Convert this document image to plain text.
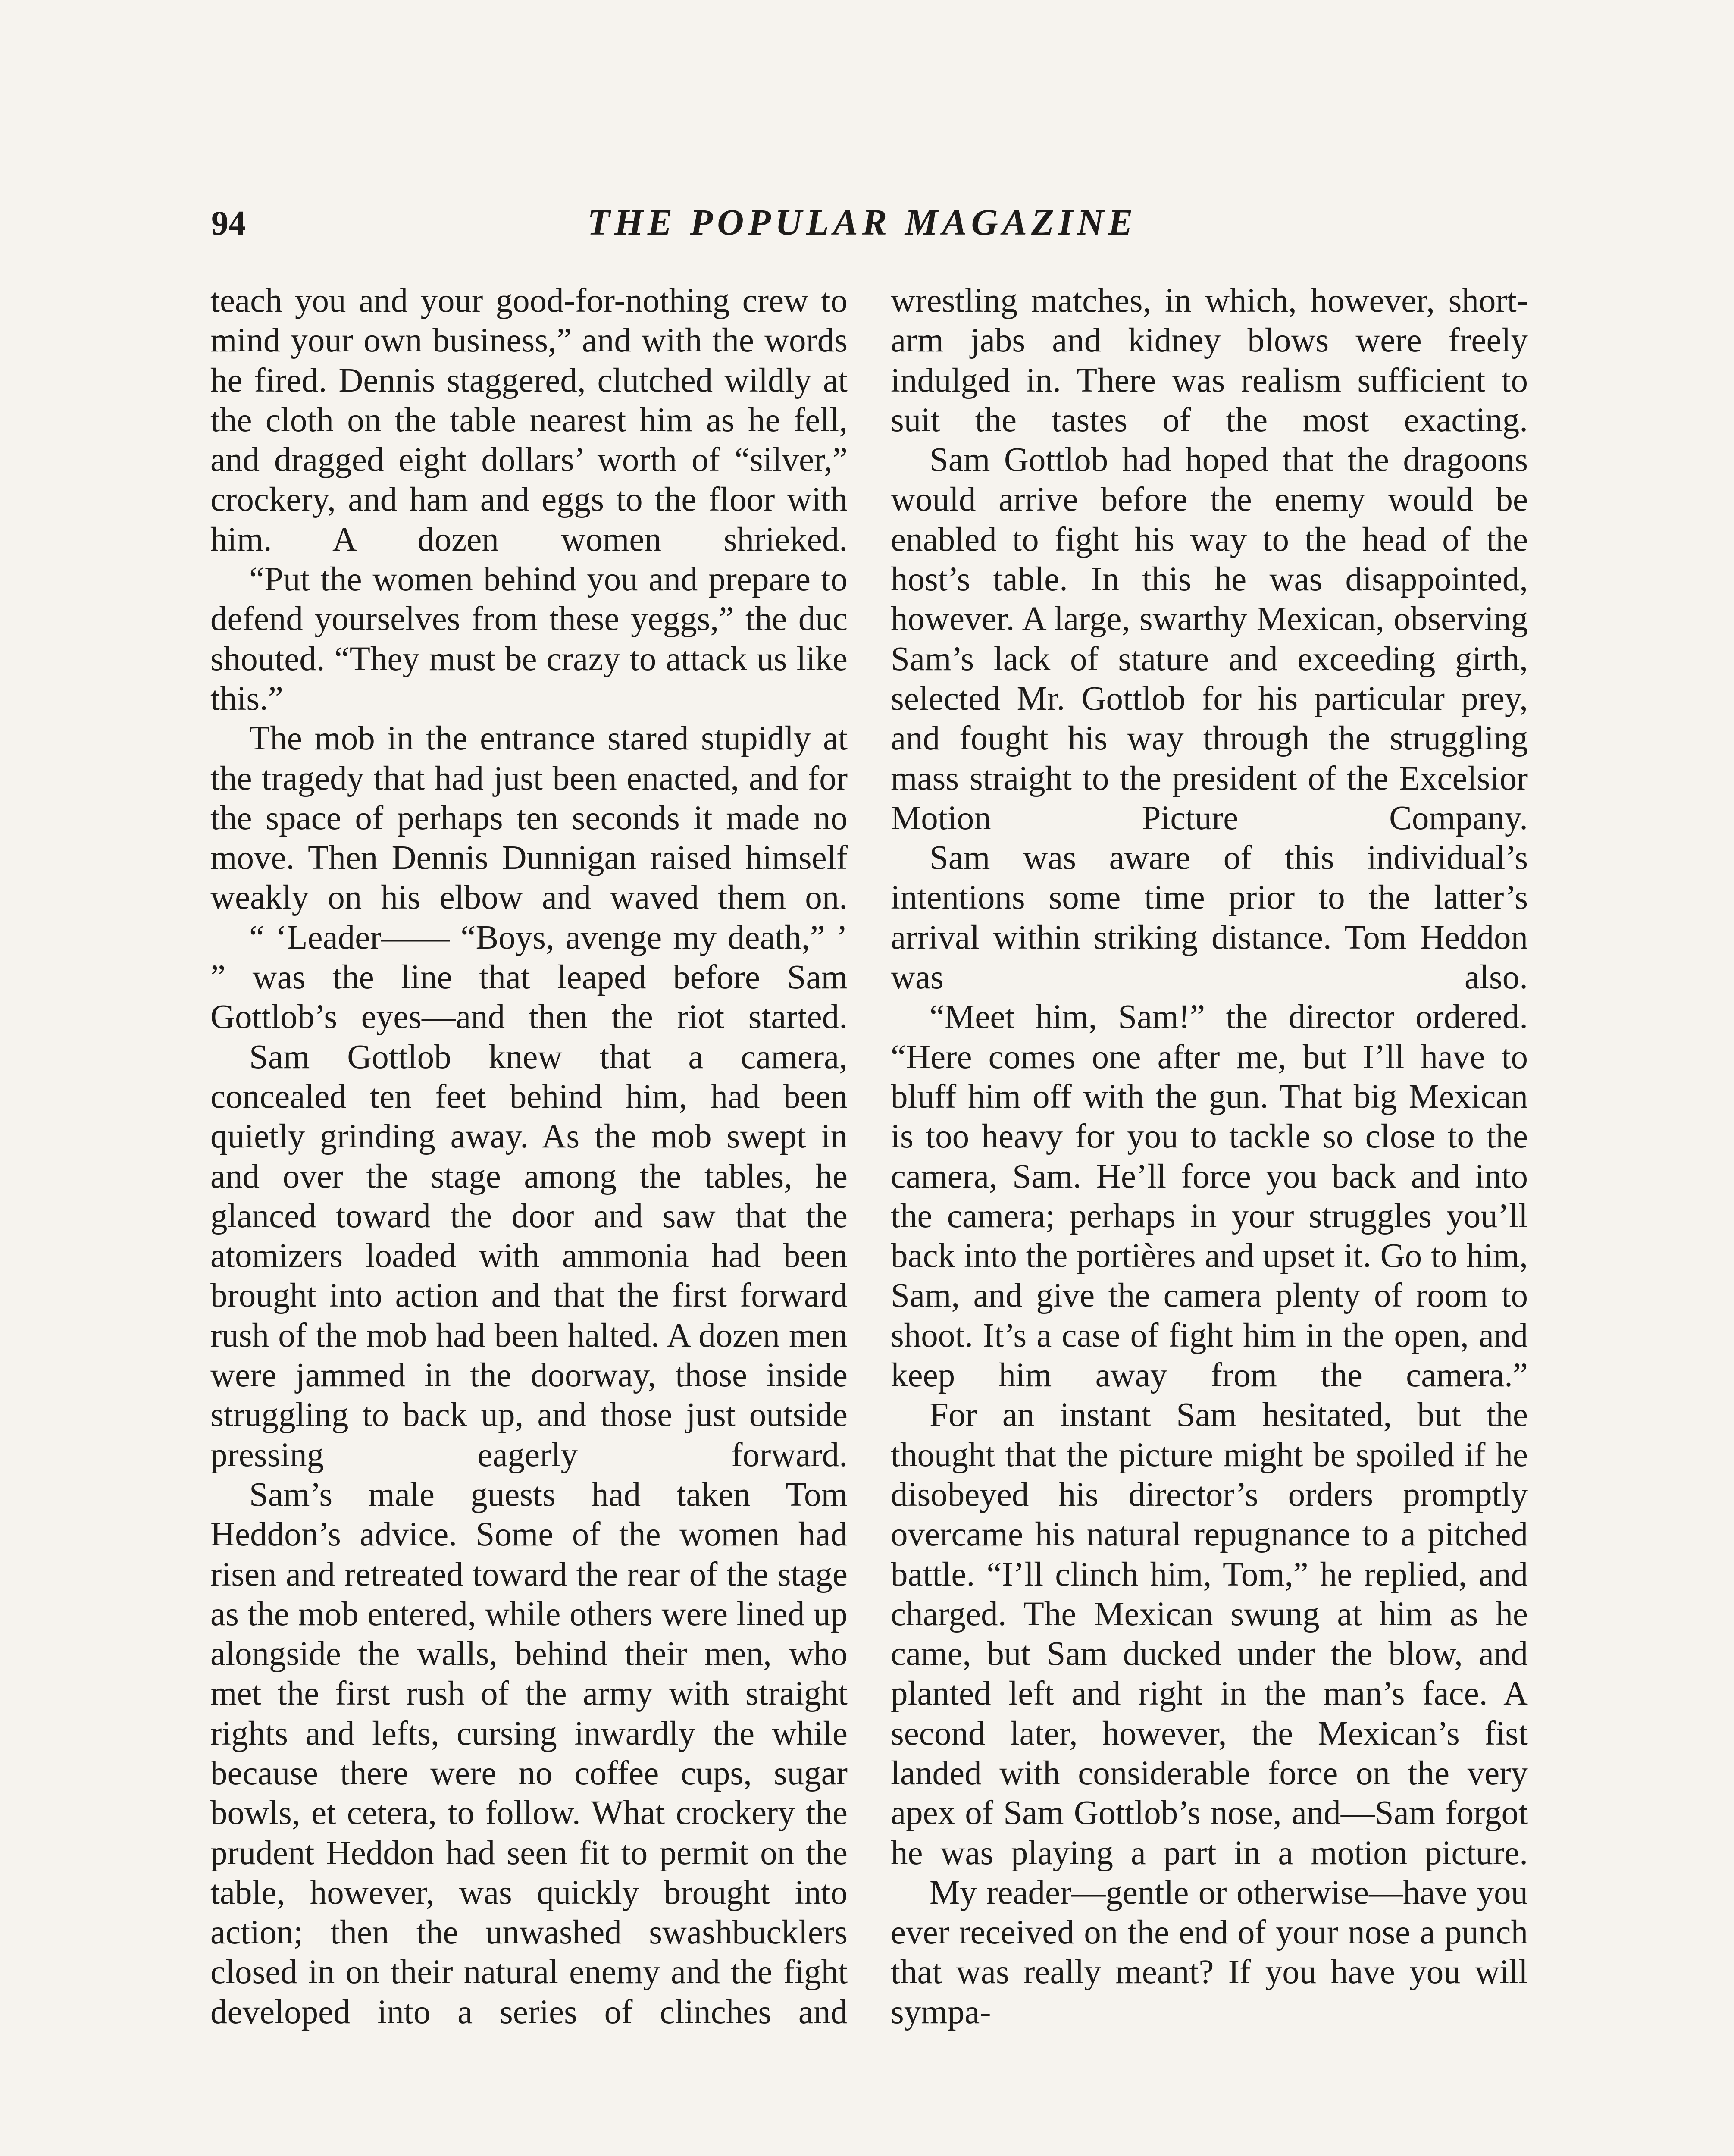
94	THE POPULAR MAGAZINE

teach you and your good-for-nothing crew to mind your own business,” and with the words he fired. Dennis staggered, clutched wildly at the cloth on the table nearest him as he fell, and dragged eight dollars’ worth of “silver,” crockery, and ham and eggs to the floor with him. A dozen women shrieked.

“Put the women behind you and prepare to defend yourselves from these yeggs,” the duc shouted. “They must be crazy to attack us like this.”

The mob in the entrance stared stupidly at the tragedy that had just been enacted, and for the space of perhaps ten seconds it made no move. Then Dennis Dunnigan raised himself weakly on his elbow and waved them on.

“ ‘Leader—— “Boys, avenge my death,” ’ ” was the line that leaped before Sam Gottlob’s eyes—and then the riot started.

Sam Gottlob knew that a camera, concealed ten feet behind him, had been quietly grinding away. As the mob swept in and over the stage among the tables, he glanced toward the door and saw that the atomizers loaded with ammonia had been brought into action and that the first forward rush of the mob had been halted. A dozen men were jammed in the doorway, those inside struggling to back up, and those just outside pressing eagerly forward.

Sam’s male guests had taken Tom Heddon’s advice. Some of the women had risen and retreated toward the rear of the stage as the mob entered, while others were lined up alongside the walls, behind their men, who met the first rush of the army with straight rights and lefts, cursing inwardly the while because there were no coffee cups, sugar bowls, et cetera, to follow. What crockery the prudent Heddon had seen fit to permit on the table, however, was quickly brought into action; then the unwashed swashbucklers closed in on their natural enemy and the fight developed into a series of clinches and

wrestling matches, in which, however, short-arm jabs and kidney blows were freely indulged in. There was realism sufficient to suit the tastes of the most exacting.

Sam Gottlob had hoped that the dragoons would arrive before the enemy would be enabled to fight his way to the head of the host’s table. In this he was disappointed, however. A large, swarthy Mexican, observing Sam’s lack of stature and exceeding girth, selected Mr. Gottlob for his particular prey, and fought his way through the struggling mass straight to the president of the Excelsior Motion Picture Company.

Sam was aware of this individual’s intentions some time prior to the latter’s arrival within striking distance. Tom Heddon was also.

“Meet him, Sam!” the director ordered. “Here comes one after me, but I’ll have to bluff him off with the gun. That big Mexican is too heavy for you to tackle so close to the camera, Sam. He’ll force you back and into the camera; perhaps in your struggles you’ll back into the portières and upset it. Go to him, Sam, and give the camera plenty of room to shoot. It’s a case of fight him in the open, and keep him away from the camera.”

For an instant Sam hesitated, but the thought that the picture might be spoiled if he disobeyed his director’s orders promptly overcame his natural repugnance to a pitched battle. “I’ll clinch him, Tom,” he replied, and charged. The Mexican swung at him as he came, but Sam ducked under the blow, and planted left and right in the man’s face. A second later, however, the Mexican’s fist landed with considerable force on the very apex of Sam Gottlob’s nose, and—Sam forgot he was playing a part in a motion picture.

My reader—gentle or otherwise—have you ever received on the end of your nose a punch that was really meant? If you have you will sympa-
